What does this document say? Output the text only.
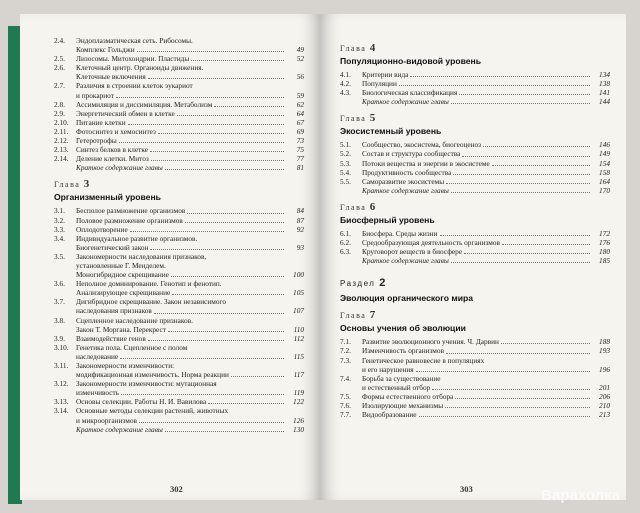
2.4.	Эндоплазматическая сеть. Рибосомы.
Комплекс Гольджи	49
2.5.	Лизосомы. Митохондрии. Пластиды	52
2.6.	Клеточный центр. Органоиды движения.
Клеточные включения	56
2.7.	Различия в строении клеток эукариот
и прокариот	59
2.8.	Ассимиляция и диссимиляция. Метаболизм	62
2.9.	Энергетический обмен в клетке	64
2.10.	Питание клетки	67
2.11.	Фотосинтез и хемосинтез	69
2.12.	Гетеротрофы	73
2.13.	Синтез белков в клетке	75
2.14.	Деление клетки. Митоз	77
Краткое содержание главы	81
Глава 3
Организменный уровень
3.1.	Бесполое размножение организмов	84
3.2.	Половое размножение организмов	87
3.3.	Оплодотворение	92
3.4.	Индивидуальное развитие организмов.
Биогенетический закон	93
3.5.	Закономерности наследования признаков,
установленные Г. Менделем.
Моногибридное скрещивание	100
3.6.	Неполное доминирование. Генотип и фенотип.
Анализирующее скрещивание	105
3.7.	Дигибридное скрещивание. Закон независимого
наследования признаков	107
3.8.	Сцепленное наследование признаков.
Закон Т. Моргана. Перекрест	110
3.9.	Взаимодействие генов	112
3.10.	Генетика пола. Сцепленное с полом
наследование	115
3.11.	Закономерности изменчивости:
модификационная изменчивость. Норма реакции	117
3.12.	Закономерности изменчивости: мутационная
изменчивость	119
3.13.	Основы селекции. Работы Н. И. Вавилова	122
3.14.	Основные методы селекции растений, животных
и микроорганизмов	126
Краткое содержание главы	130
302
Глава 4
Популяционно-видовой уровень
4.1.	Критерии вида	134
4.2.	Популяции	138
4.3.	Биологическая классификация	141
Краткое содержание главы	144
Глава 5
Экосистемный уровень
5.1.	Сообщество, экосистема, биогеоценоз	146
5.2.	Состав и структура сообщества	149
5.3.	Потоки вещества и энергии в экосистеме	154
5.4.	Продуктивность сообщества	158
5.5.	Саморазвитие экосистемы	164
Краткое содержание главы	170
Глава 6
Биосферный уровень
6.1.	Биосфера. Среды жизни	172
6.2.	Средообразующая деятельность организмов	176
6.3.	Круговорот веществ в биосфере	180
Краткое содержание главы	185
Раздел 2
Эволюция органического мира
Глава 7
Основы учения об эволюции
7.1.	Развитие эволюционного учения. Ч. Дарвин	188
7.2.	Изменчивость организмов	193
7.3.	Генетическое равновесие в популяциях
и его нарушения	196
7.4.	Борьба за существование
и естественный отбор	201
7.5.	Формы естественного отбора	206
7.6.	Изолирующие механизмы	210
7.7.	Видообразование	213
303	Варахолка
